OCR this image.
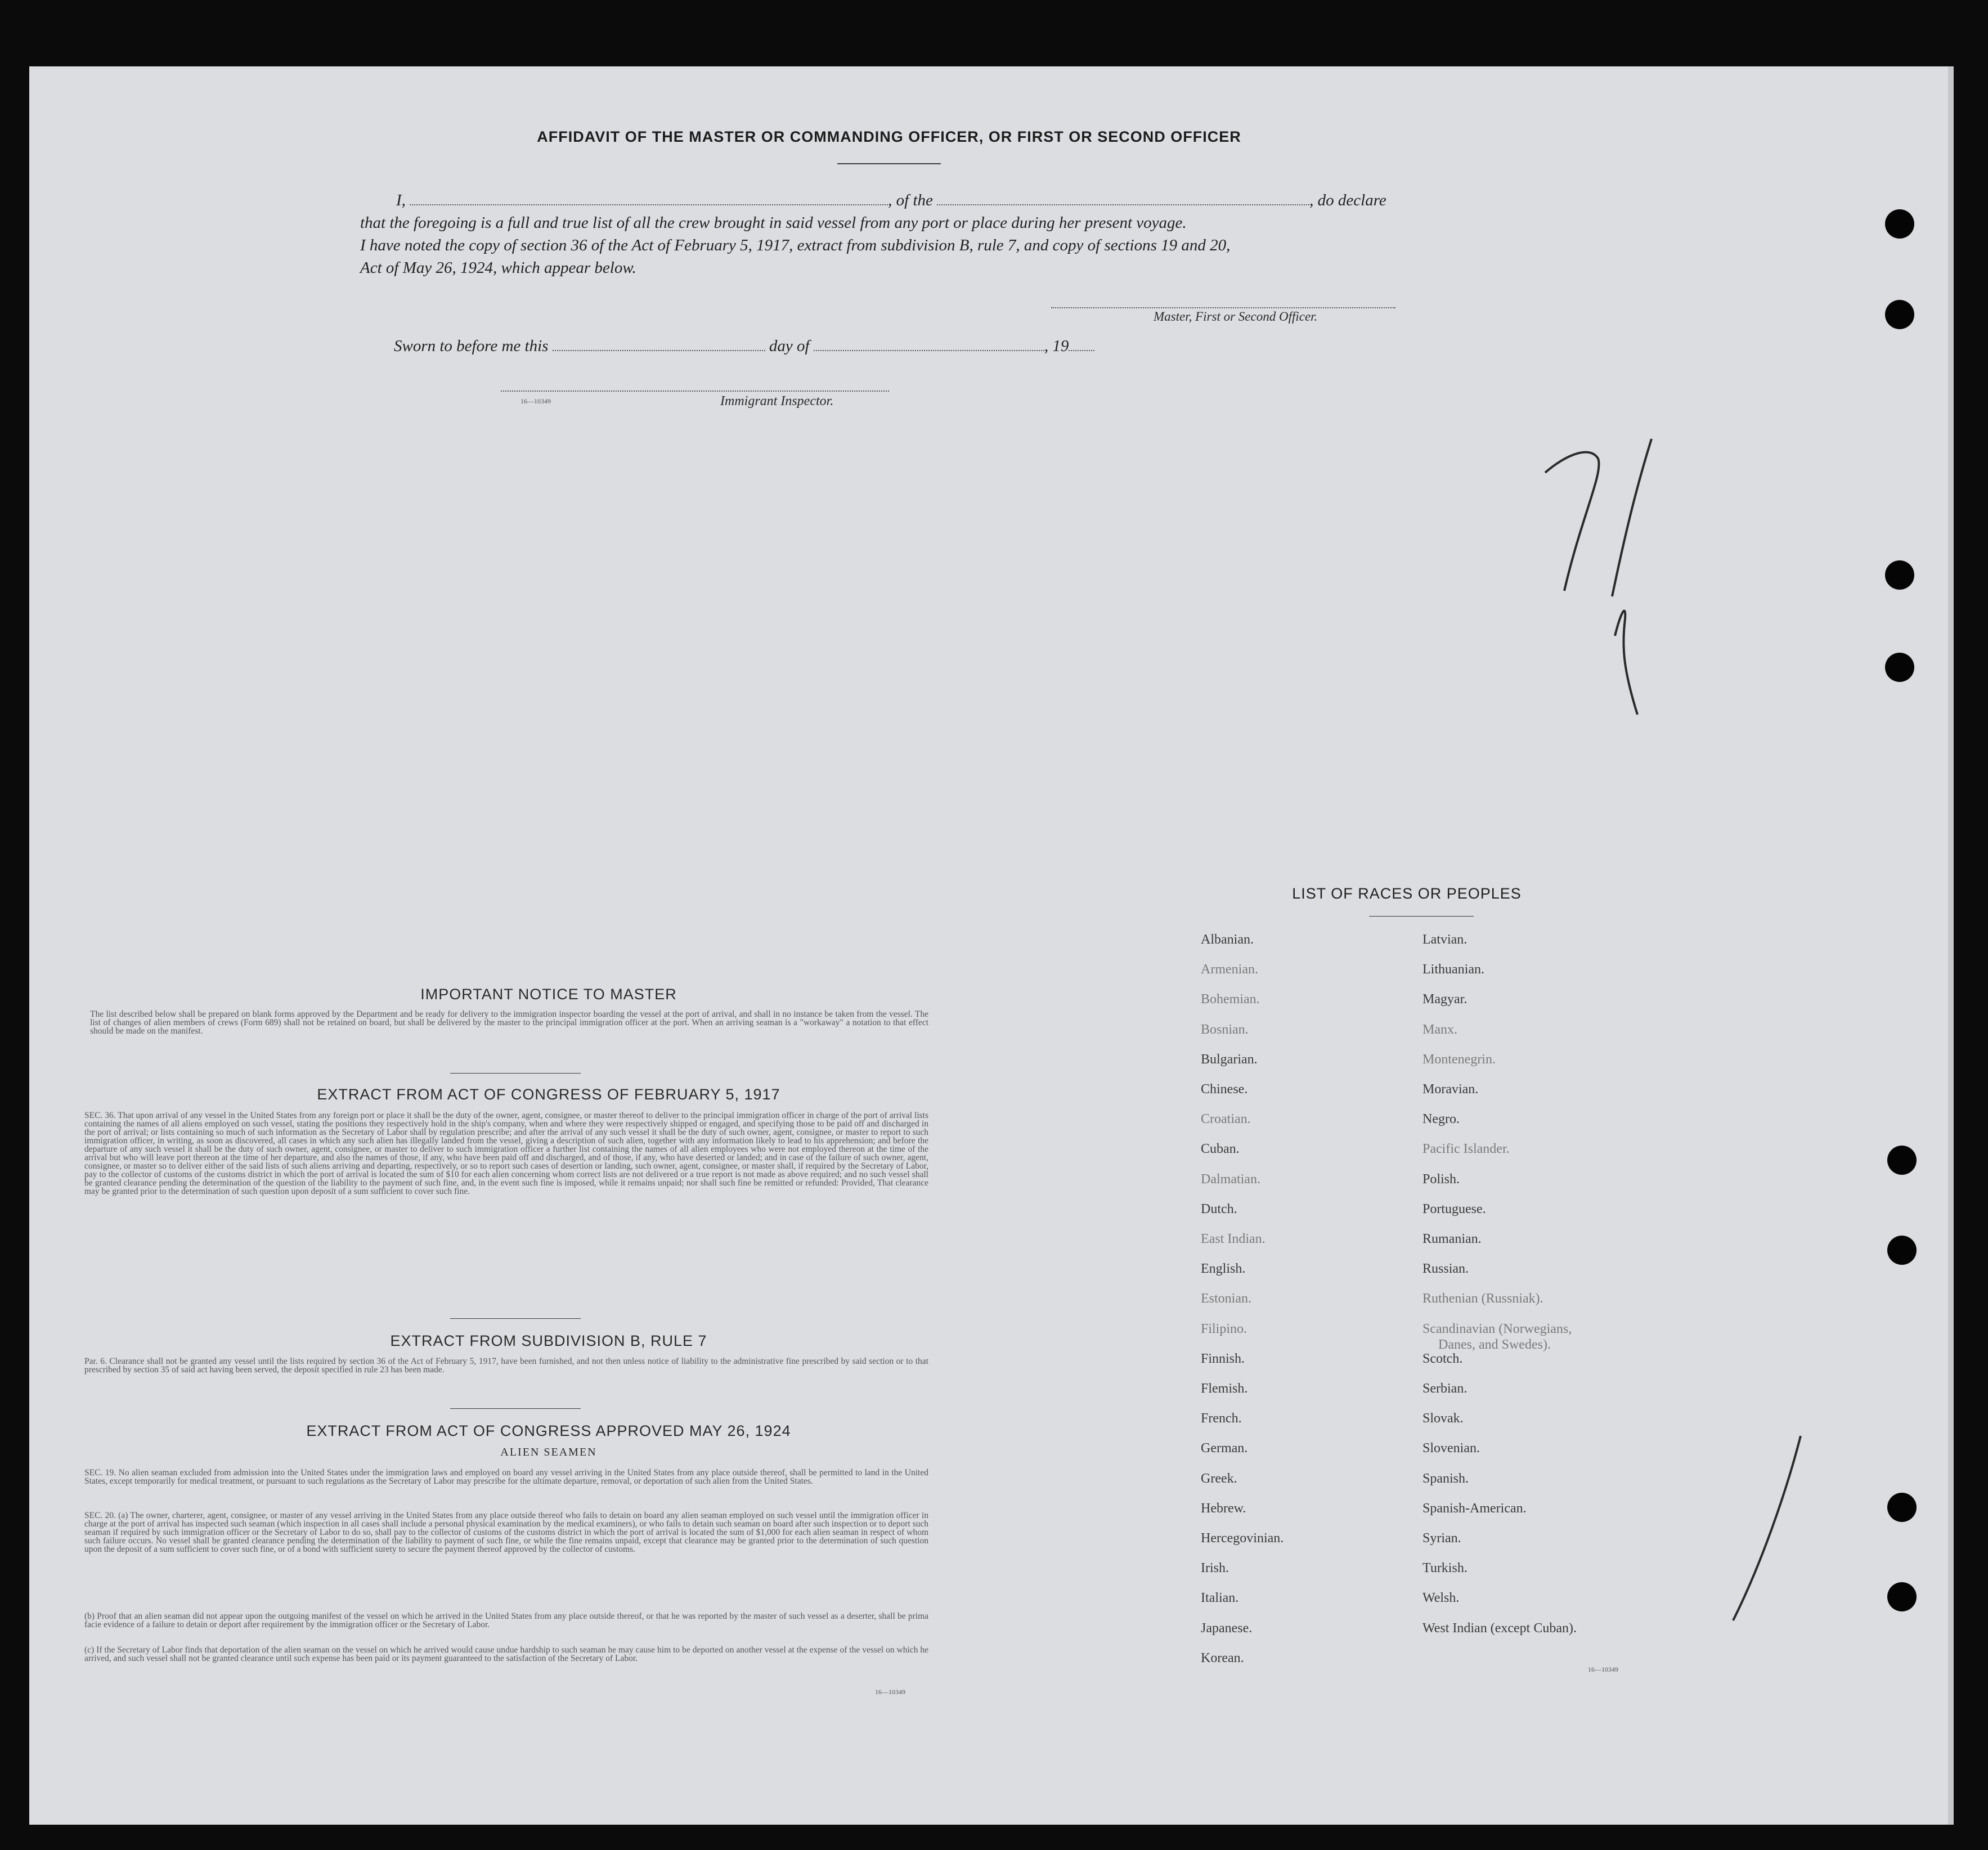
AFFIDAVIT OF THE MASTER OR COMMANDING OFFICER, OR FIRST OR SECOND OFFICER
I,	, of the	, do declare
that the foregoing is a full and true list of all the crew brought in said vessel from any port or place during her present voyage.
I have noted the copy of section 36 of the Act of February 5, 1917, extract from subdivision B, rule 7, and copy of sections 19 and 20,
Act of May 26, 1924, which appear below.
Master, First or Second Officer.
Sworn to before me this	day of	, 19
16—10349	Immigrant Inspector.
IMPORTANT NOTICE TO MASTER
The list described below shall be prepared on blank forms approved by the Department and be ready for delivery to the immigration inspector boarding the vessel at the port of arrival, and shall in no instance be taken from the vessel. The list of changes of alien members of crews (Form 689) shall not be retained on board, but shall be delivered by the master to the principal immigration officer at the port. When an arriving seaman is a "workaway" a notation to that effect should be made on the manifest.
EXTRACT FROM ACT OF CONGRESS OF FEBRUARY 5, 1917
SEC. 36. That upon arrival of any vessel in the United States from any foreign port or place it shall be the duty of the owner, agent, consignee, or master thereof to deliver to the principal immigration officer in charge of the port of arrival lists containing the names of all aliens employed on such vessel, stating the positions they respectively hold in the ship's company, when and where they were respectively shipped or engaged, and specifying those to be paid off and discharged in the port of arrival; or lists containing so much of such information as the Secretary of Labor shall by regulation prescribe; and after the arrival of any such vessel it shall be the duty of such owner, agent, consignee, or master to report to such immigration officer, in writing, as soon as discovered, all cases in which any such alien has illegally landed from the vessel, giving a description of such alien, together with any information likely to lead to his apprehension; and before the departure of any such vessel it shall be the duty of such owner, agent, consignee, or master to deliver to such immigration officer a further list containing the names of all alien employees who were not employed thereon at the time of the arrival but who will leave port thereon at the time of her departure, and also the names of those, if any, who have been paid off and discharged, and of those, if any, who have deserted or landed; and in case of the failure of such owner, agent, consignee, or master so to deliver either of the said lists of such aliens arriving and departing, respectively, or so to report such cases of desertion or landing, such owner, agent, consignee, or master shall, if required by the Secretary of Labor, pay to the collector of customs of the customs district in which the port of arrival is located the sum of $10 for each alien concerning whom correct lists are not delivered or a true report is not made as above required; and no such vessel shall be granted clearance pending the determination of the question of the liability to the payment of such fine, and, in the event such fine is imposed, while it remains unpaid; nor shall such fine be remitted or refunded: Provided, That clearance may be granted prior to the determination of such question upon deposit of a sum sufficient to cover such fine.
EXTRACT FROM SUBDIVISION B, RULE 7
Par. 6. Clearance shall not be granted any vessel until the lists required by section 36 of the Act of February 5, 1917, have been furnished, and not then unless notice of liability to the administrative fine prescribed by said section or to that prescribed by section 35 of said act having been served, the deposit specified in rule 23 has been made.
EXTRACT FROM ACT OF CONGRESS APPROVED MAY 26, 1924
ALIEN SEAMEN
SEC. 19. No alien seaman excluded from admission into the United States under the immigration laws and employed on board any vessel arriving in the United States from any place outside thereof, shall be permitted to land in the United States, except temporarily for medical treatment, or pursuant to such regulations as the Secretary of Labor may prescribe for the ultimate departure, removal, or deportation of such alien from the United States.
SEC. 20. (a) The owner, charterer, agent, consignee, or master of any vessel arriving in the United States from any place outside thereof who fails to detain on board any alien seaman employed on such vessel until the immigration officer in charge at the port of arrival has inspected such seaman (which inspection in all cases shall include a personal physical examination by the medical examiners), or who fails to detain such seaman on board after such inspection or to deport such seaman if required by such immigration officer or the Secretary of Labor to do so, shall pay to the collector of customs of the customs district in which the port of arrival is located the sum of $1,000 for each alien seaman in respect of whom such failure occurs. No vessel shall be granted clearance pending the determination of the liability to payment of such fine, or while the fine remains unpaid, except that clearance may be granted prior to the determination of such question upon the deposit of a sum sufficient to cover such fine, or of a bond with sufficient surety to secure the payment thereof approved by the collector of customs.
(b) Proof that an alien seaman did not appear upon the outgoing manifest of the vessel on which he arrived in the United States from any place outside thereof, or that he was reported by the master of such vessel as a deserter, shall be prima facie evidence of a failure to detain or deport after requirement by the immigration officer or the Secretary of Labor.
(c) If the Secretary of Labor finds that deportation of the alien seaman on the vessel on which he arrived would cause undue hardship to such seaman he may cause him to be deported on another vessel at the expense of the vessel on which he arrived, and such vessel shall not be granted clearance until such expense has been paid or its payment guaranteed to the satisfaction of the Secretary of Labor.
16—10349
LIST OF RACES OR PEOPLES
Albanian.
Armenian.
Bohemian.
Bosnian.
Bulgarian.
Chinese.
Croatian.
Cuban.
Dalmatian.
Dutch.
East Indian.
English.
Estonian.
Filipino.
Finnish.
Flemish.
French.
German.
Greek.
Hebrew.
Hercegovinian.
Irish.
Italian.
Japanese.
Korean.
Latvian.
Lithuanian.
Magyar.
Manx.
Montenegrin.
Moravian.
Negro.
Pacific Islander.
Polish.
Portuguese.
Rumanian.
Russian.
Ruthenian (Russniak).
Scandinavian (Norwegians,
Danes, and Swedes).
Scotch.
Serbian.
Slovak.
Slovenian.
Spanish.
Spanish-American.
Syrian.
Turkish.
Welsh.
West Indian (except Cuban).
16—10349
